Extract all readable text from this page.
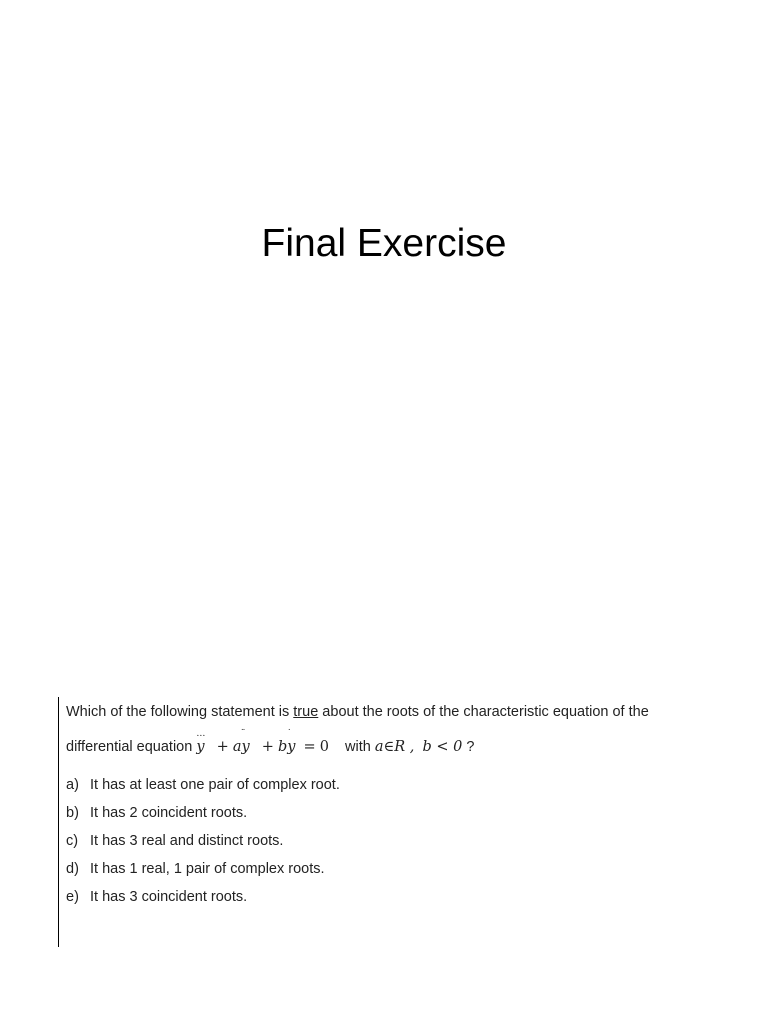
Final Exercise
Which of the following statement is true about the roots of the characteristic equation of the
differential equation
…
y +
¨
ay +
˙
by = 0 with a∈R , b < 0 ?
a) It has at least one pair of complex root.
b) It has 2 coincident roots.
c) It has 3 real and distinct roots.
d) It has 1 real, 1 pair of complex roots.
e) It has 3 coincident roots.
